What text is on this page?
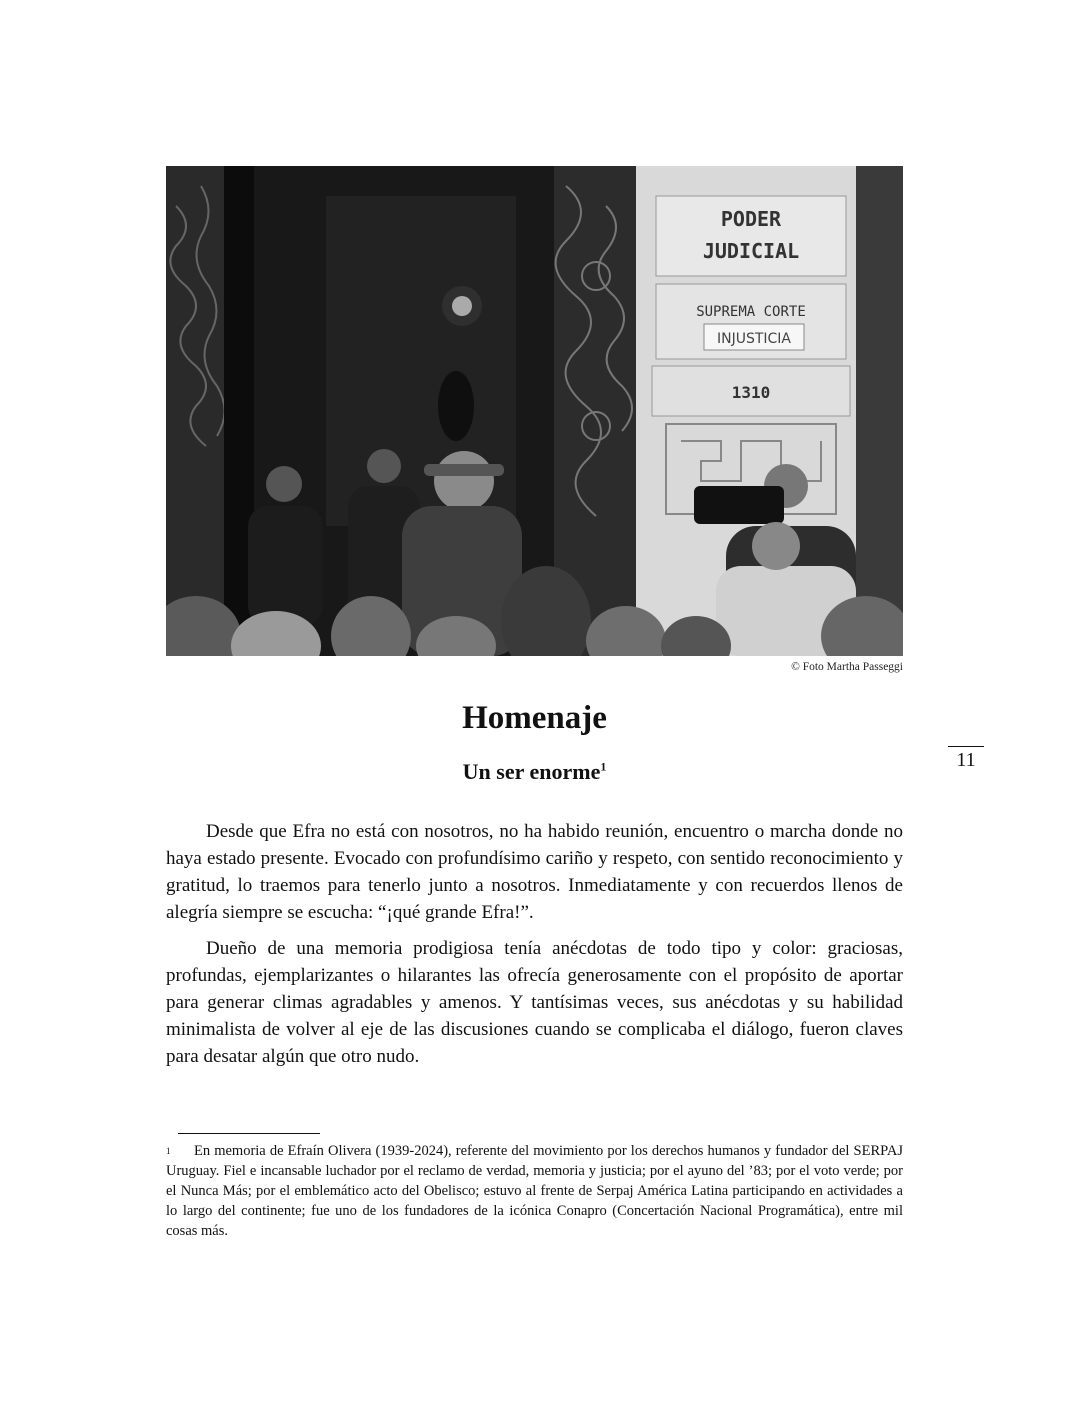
PODER
JUDICIAL
SUPREMA CORTE
INJUSTICIA
1310
© Foto Martha Passeggi
Homenaje
Un ser enorme$^1$	11

Desde que Efra no está con nosotros, no ha habido reunión, encuentro o marcha donde no haya estado presente. Evocado con profundísimo cariño y respeto, con sentido reconocimiento y gratitud, lo traemos para tenerlo junto a nosotros. Inmediatamente y con recuerdos llenos de alegría siempre se escucha: “¡qué grande Efra!”.

Dueño de una memoria prodigiosa tenía anécdotas de todo tipo y color: graciosas, profundas, ejemplarizantes o hilarantes las ofrecía generosamente con el propósito de aportar para generar climas agradables y amenos. Y tantísimas veces, sus anécdotas y su habilidad minimalista de volver al eje de las discusiones cuando se complicaba el diálogo, fueron claves para desatar algún que otro nudo.

1 En memoria de Efraín Olivera (1939-2024), referente del movimiento por los derechos humanos y fundador del SERPAJ Uruguay. Fiel e incansable luchador por el reclamo de verdad, memoria y justicia; por el ayuno del ’83; por el voto verde; por el Nunca Más; por el emblemático acto del Obelisco; estuvo al frente de Serpaj América Latina participando en actividades a lo largo del continente; fue uno de los fundadores de la icónica Conapro (Concertación Nacional Programática), entre mil cosas más.
